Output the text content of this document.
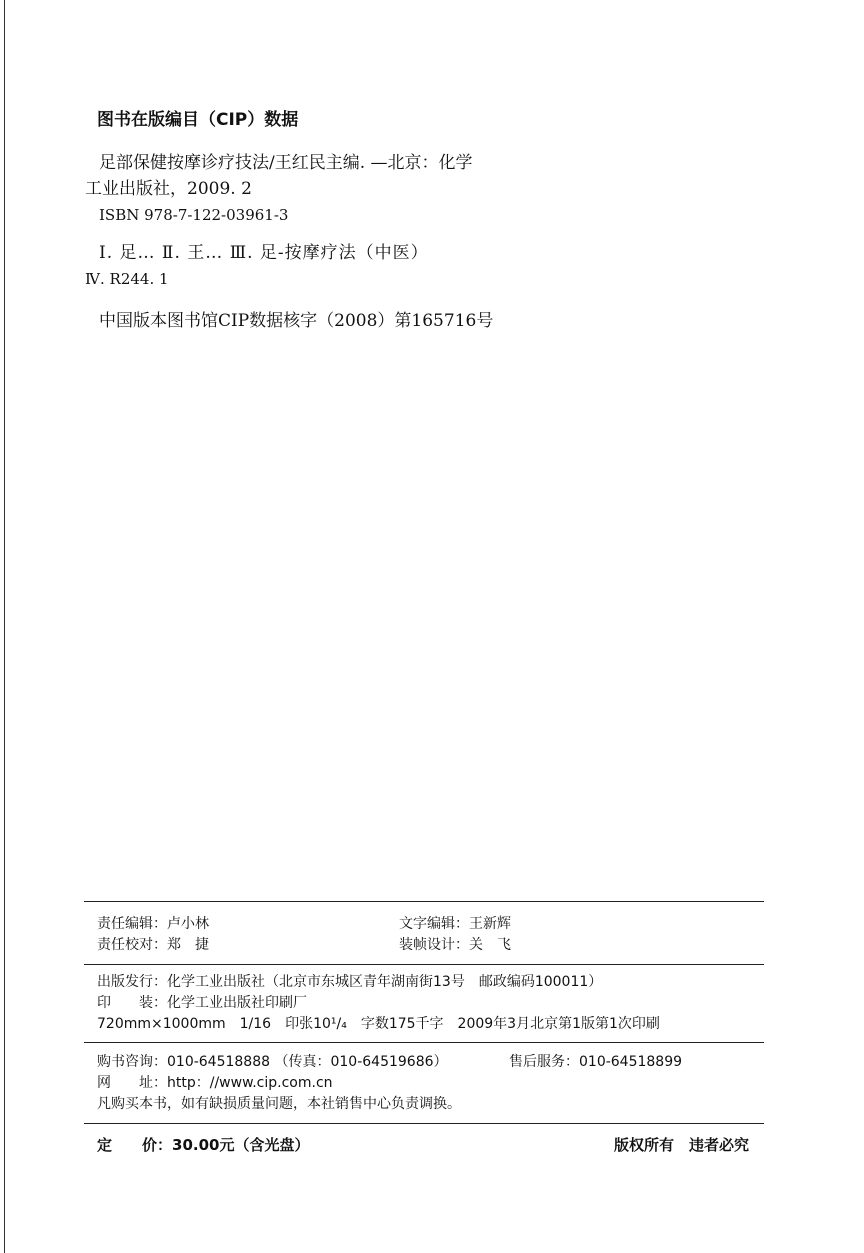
图书在版编目（CIP）数据
足部保健按摩诊疗技法/王红民主编. —北京：化学
工业出版社，2009. 2
ISBN 978-7-122-03961-3
Ⅰ. 足… Ⅱ. 王… Ⅲ. 足-按摩疗法（中医）
Ⅳ. R244. 1
中国版本图书馆CIP数据核字（2008）第165716号
责任编辑：卢小林	文字编辑：王新辉
责任校对：郑　捷	装帧设计：关　飞
出版发行：化学工业出版社（北京市东城区青年湖南街13号　邮政编码100011）
印　　装：化学工业出版社印刷厂
720mm×1000mm　1/16　印张10¹/₄　字数175千字　2009年3月北京第1版第1次印刷
购书咨询：010-64518888 （传真：010-64519686）	售后服务：010-64518899
网　　址：http：//www.cip.com.cn
凡购买本书，如有缺损质量问题，本社销售中心负责调换。
定　　价：30.00元（含光盘）	版权所有　违者必究
